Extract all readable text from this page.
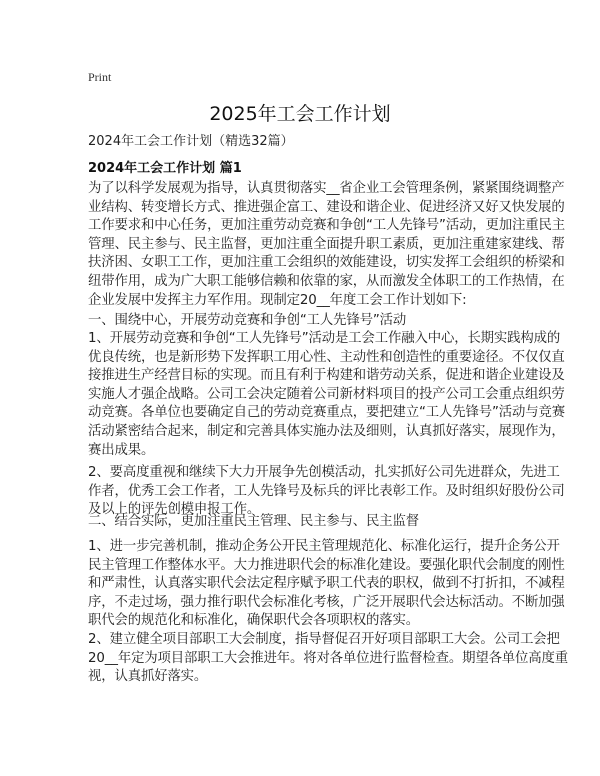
Print
2025年工会工作计划
2024年工会工作计划（精选32篇）
2024年工会工作计划 篇1
为了以科学发展观为指导，认真贯彻落实__省企业工会管理条例，紧紧围绕调整产
业结构、转变增长方式、推进强企富工、建设和谐企业、促进经济又好又快发展的
工作要求和中心任务，更加注重劳动竞赛和争创“工人先锋号”活动，更加注重民主
管理、民主参与、民主监督，更加注重全面提升职工素质，更加注重建家建线、帮
扶济困、女职工工作，更加注重工会组织的效能建设，切实发挥工会组织的桥梁和
纽带作用，成为广大职工能够信赖和依靠的家，从而激发全体职工的工作热情，在
企业发展中发挥主力军作用。现制定20__年度工会工作计划如下:
一、围绕中心，开展劳动竞赛和争创“工人先锋号”活动
1、开展劳动竞赛和争创“工人先锋号”活动是工会工作融入中心，长期实践构成的
优良传统，也是新形势下发挥职工用心性、主动性和创造性的重要途径。不仅仅直
接推进生产经营目标的实现。而且有利于构建和谐劳动关系，促进和谐企业建设及
实施人才强企战略。公司工会决定随着公司新材料项目的投产公司工会重点组织劳
动竞赛。各单位也要确定自己的劳动竞赛重点，要把建立“工人先锋号”活动与竞赛
活动紧密结合起来，制定和完善具体实施办法及细则，认真抓好落实，展现作为，
赛出成果。
2、要高度重视和继续下大力开展争先创模活动，扎实抓好公司先进群众，先进工
作者，优秀工会工作者，工人先锋号及标兵的评比表彰工作。及时组织好股份公司
及以上的评先创模申报工作。
二、结合实际，更加注重民主管理、民主参与、民主监督
1、进一步完善机制，推动企务公开民主管理规范化、标准化运行，提升企务公开
民主管理工作整体水平。大力推进职代会的标准化建设。要强化职代会制度的刚性
和严肃性，认真落实职代会法定程序赋予职工代表的职权，做到不打折扣，不减程
序，不走过场，强力推行职代会标准化考核，广泛开展职代会达标活动。不断加强
职代会的规范化和标准化，确保职代会各项职权的落实。
2、建立健全项目部职工大会制度，指导督促召开好项目部职工大会。公司工会把
20__年定为项目部职工大会推进年。将对各单位进行监督检查。期望各单位高度重
视，认真抓好落实。
